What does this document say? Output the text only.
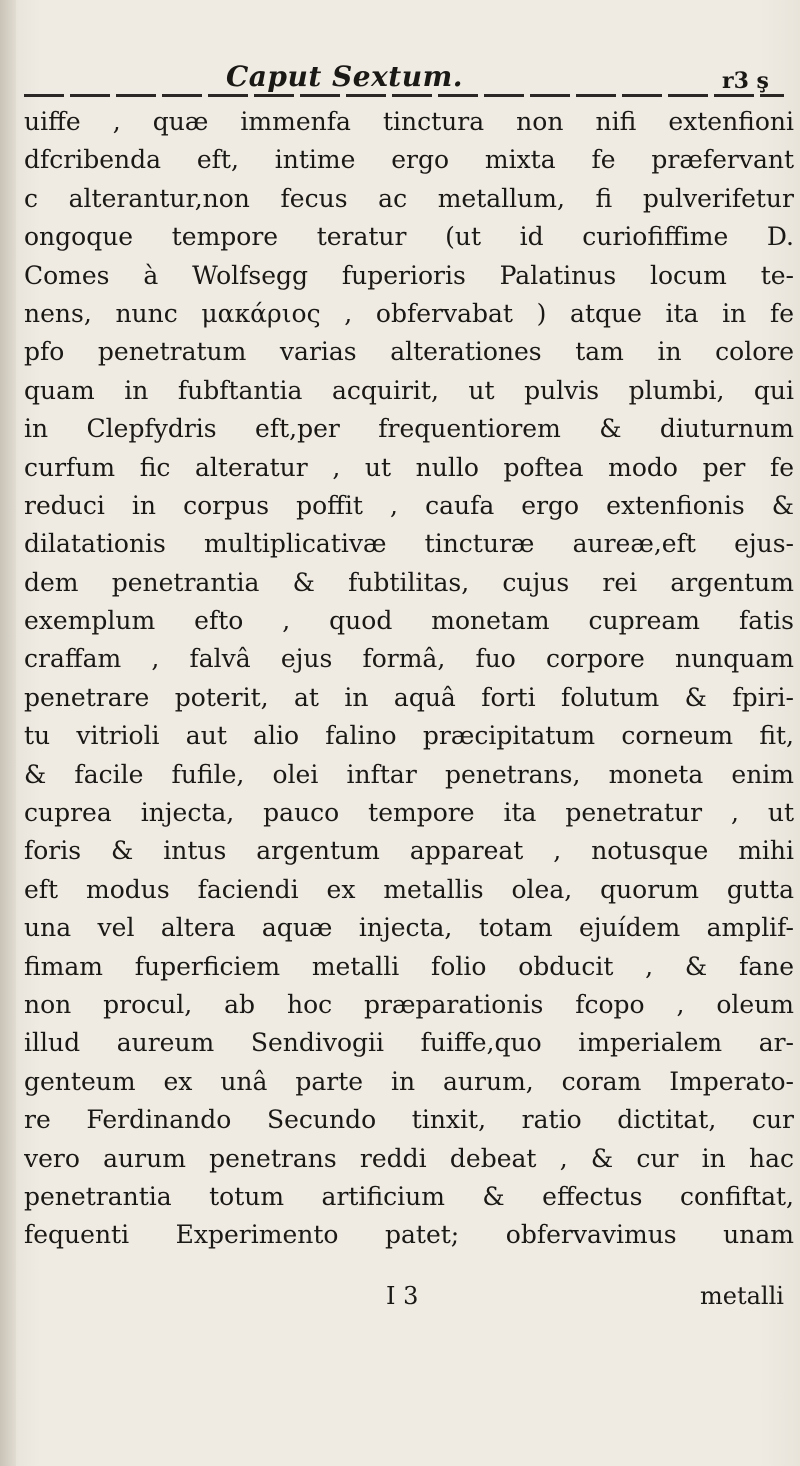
Caput Sextum.	r3 ş
uiffe , quæ immenfa tinctura non nifi extenfioni
dfcribenda eft, intime ergo mixta fe præfervant
c alterantur,non fecus ac metallum, fi pulverifetur
ongoque tempore teratur (ut id curiofiffime D.
Comes à Wolfsegg fuperioris Palatinus locum te-
nens, nunc μακάριος , obfervabat ) atque ita in fe
pfo penetratum varias alterationes tam in colore
quam in fubftantia acquirit, ut pulvis plumbi, qui
in Clepfydris eft,per frequentiorem & diuturnum
curfum fic alteratur , ut nullo poftea modo per fe
reduci in corpus poffit , caufa ergo extenfionis &
dilatationis multiplicativæ tincturæ aureæ,eft ejus-
dem penetrantia & fubtilitas, cujus rei argentum
exemplum efto , quod monetam cupream fatis
craffam , falvâ ejus formâ, fuo corpore nunquam
penetrare poterit, at in aquâ forti folutum & fpiri-
tu vitrioli aut alio falino præcipitatum corneum fit,
& facile fufile, olei inftar penetrans, moneta enim
cuprea injecta, pauco tempore ita penetratur , ut
foris & intus argentum appareat , notusque mihi
eft modus faciendi ex metallis olea, quorum gutta
una vel altera aquæ injecta, totam ejuídem amplif-
fimam fuperficiem metalli folio obducit , & fane
non procul, ab hoc præparationis fcopo , oleum
illud aureum Sendivogii fuiffe,quo imperialem ar-
genteum ex unâ parte in aurum, coram Imperato-
re Ferdinando Secundo tinxit, ratio dictitat, cur
vero aurum penetrans reddi debeat , & cur in hac
penetrantia totum artificium & effectus confiftat,
fequenti Experimento patet; obfervavimus unam
I 3	metalli
